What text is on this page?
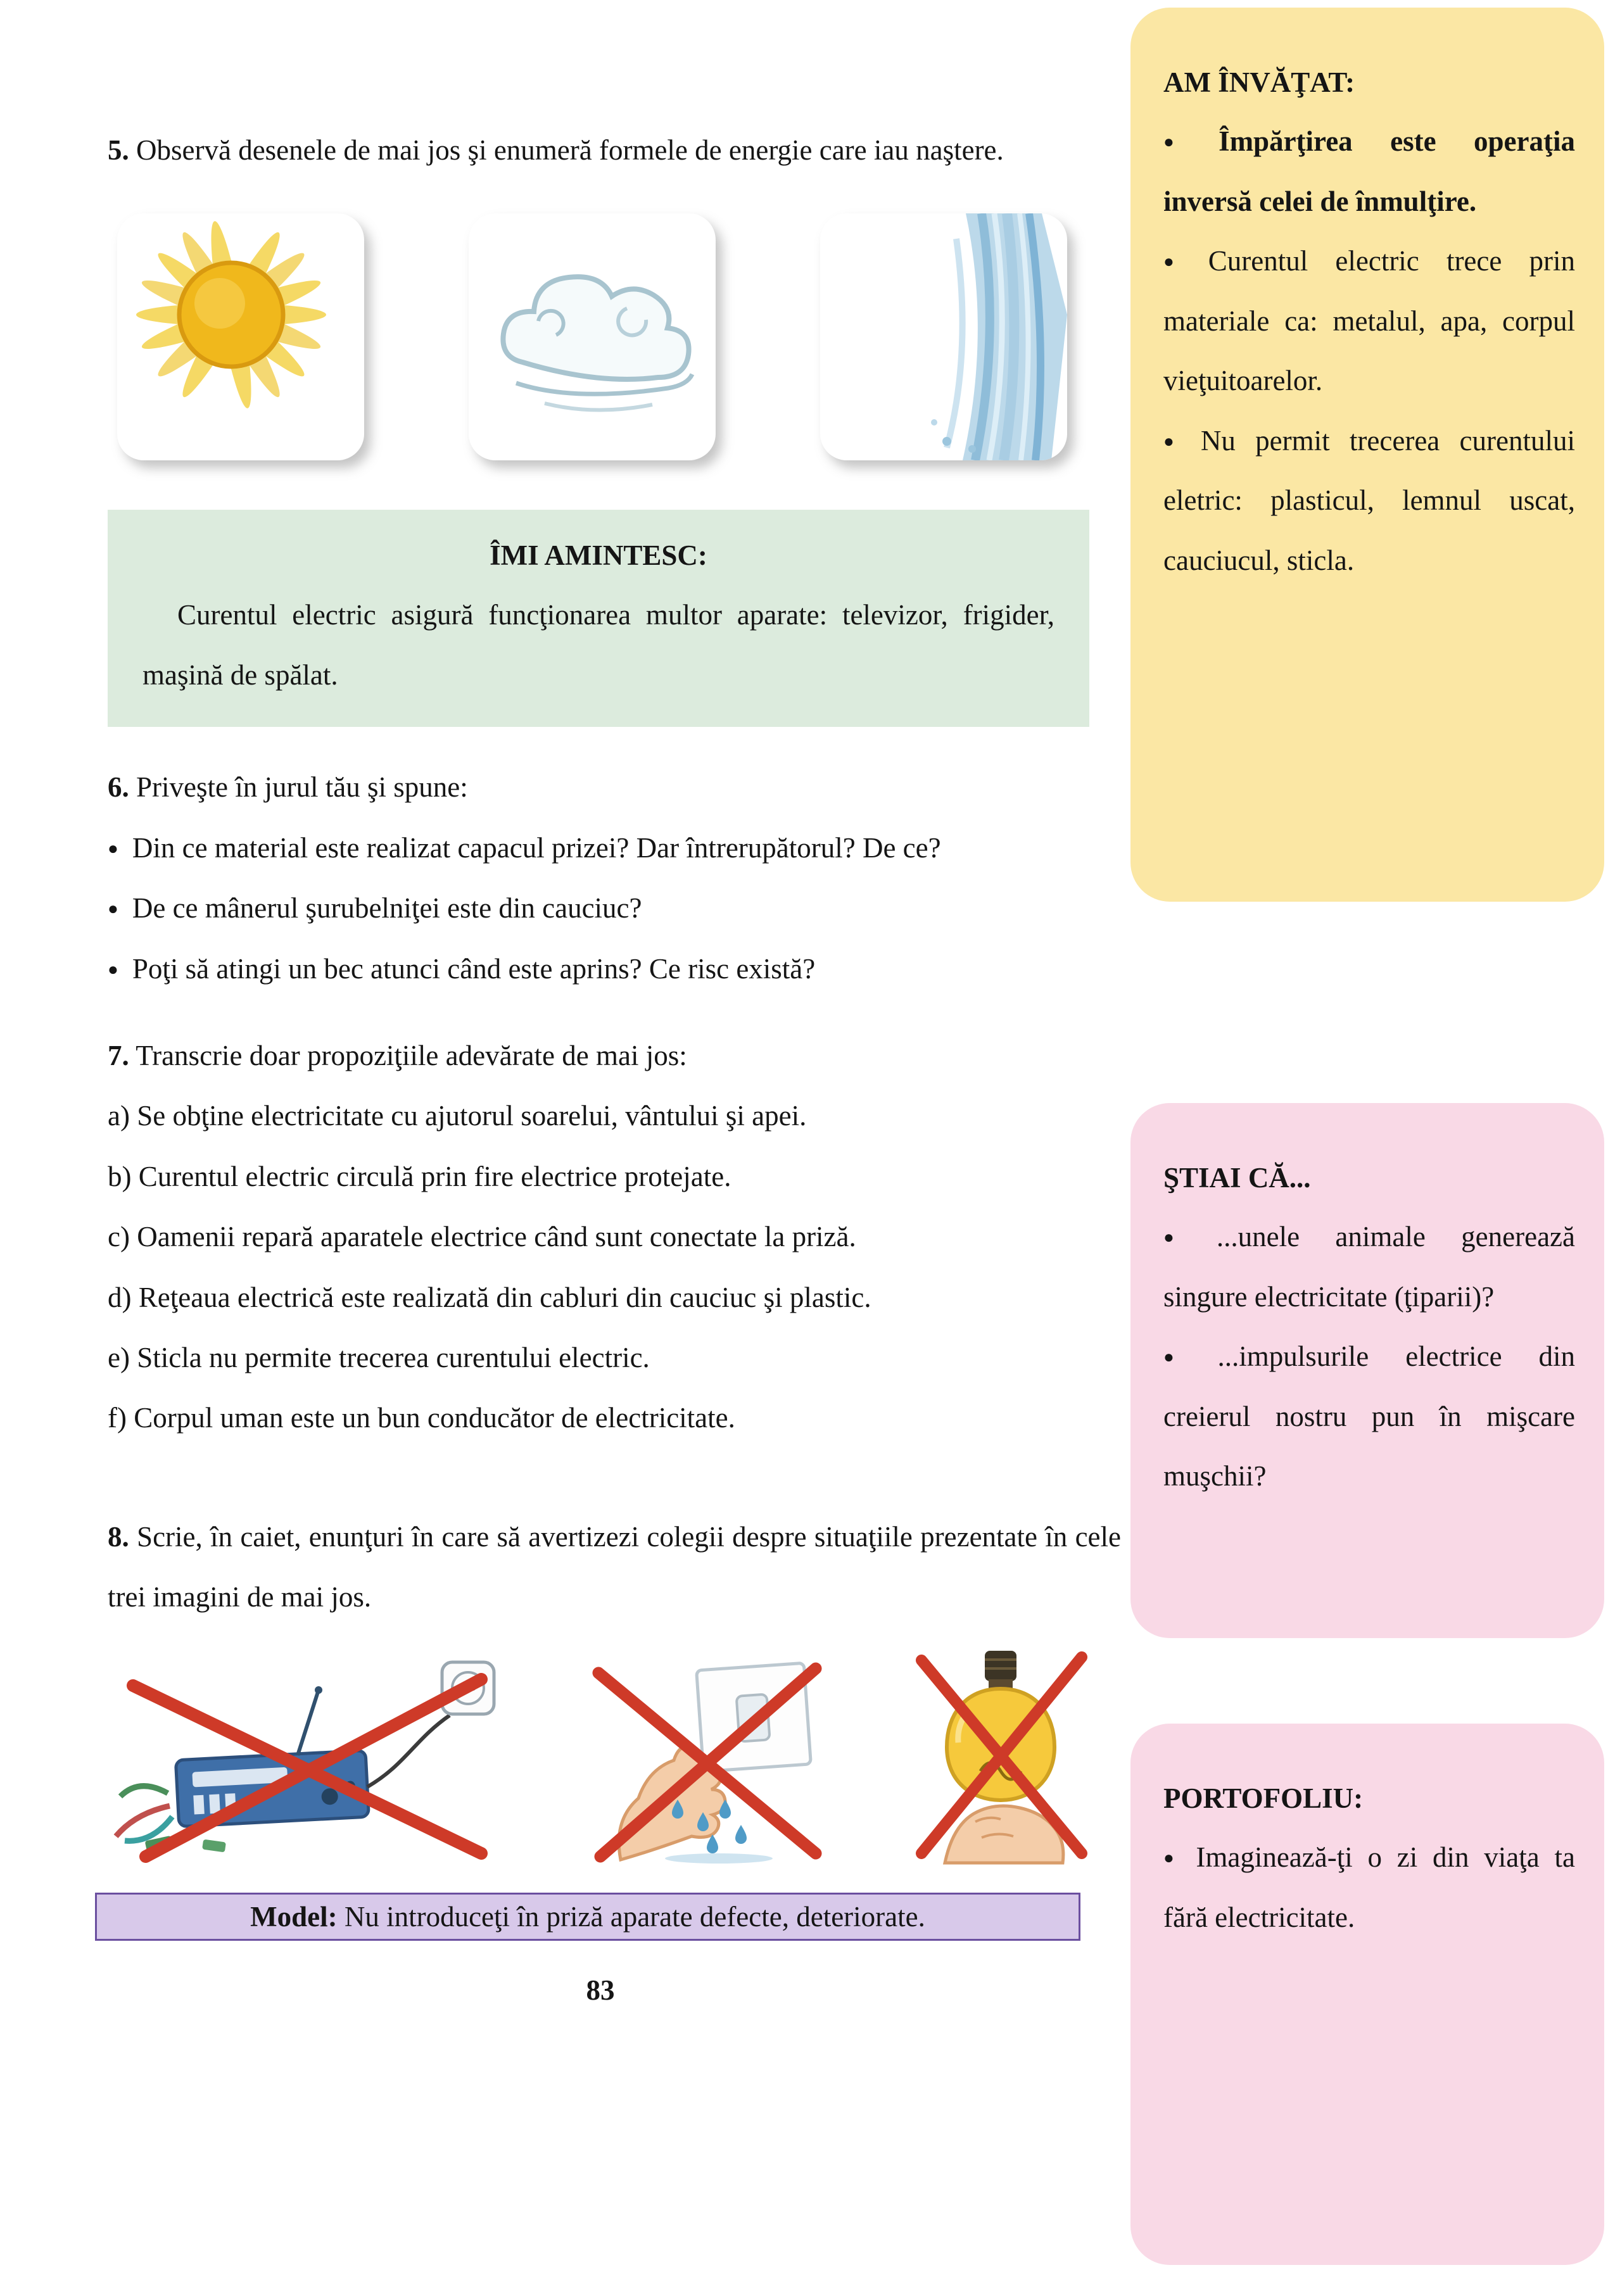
5. Observă desenele de mai jos şi enumeră formele de energie care iau naştere.

ÎMI AMINTESC:

Curentul electric asigură funcţionarea multor aparate: televizor, frigider, maşină de spălat.

6. Priveşte în jurul tău şi spune:

● Din ce material este realizat capacul prizei? Dar întrerupătorul? De ce?

● De ce mânerul şurubelniţei este din cauciuc?

● Poţi să atingi un bec atunci când este aprins? Ce risc există?

7. Transcrie doar propoziţiile adevărate de mai jos:

a) Se obţine electricitate cu ajutorul soarelui, vântului şi apei.

b) Curentul electric circulă prin fire electrice protejate.

c) Oamenii repară aparatele electrice când sunt conectate la priză.

d) Reţeaua electrică este realizată din cabluri din cauciuc şi plastic.

e) Sticla nu permite trecerea curentului electric.

f) Corpul uman este un bun conducător de electricitate.

8. Scrie, în caiet, enunţuri în care să avertizezi colegii despre situaţiile prezentate în cele trei imagini de mai jos.

Model: Nu introduceţi în priză aparate defecte, deteriorate.
83

AM ÎNVĂŢAT:

● Împărţirea este operaţia inversă celei de înmulţire.

● Curentul electric trece prin materiale ca: metalul, apa, corpul vieţuitoarelor.

● Nu permit trecerea curentului eletric: plasticul, lemnul uscat, cauciucul, sticla.

ŞTIAI CĂ...

● ...unele animale generează singure electricitate (ţiparii)?

● ...impulsurile electrice din creierul nostru pun în mişcare muşchii?

PORTOFOLIU:

● Imaginează-ţi o zi din viaţa ta fără electricitate.
